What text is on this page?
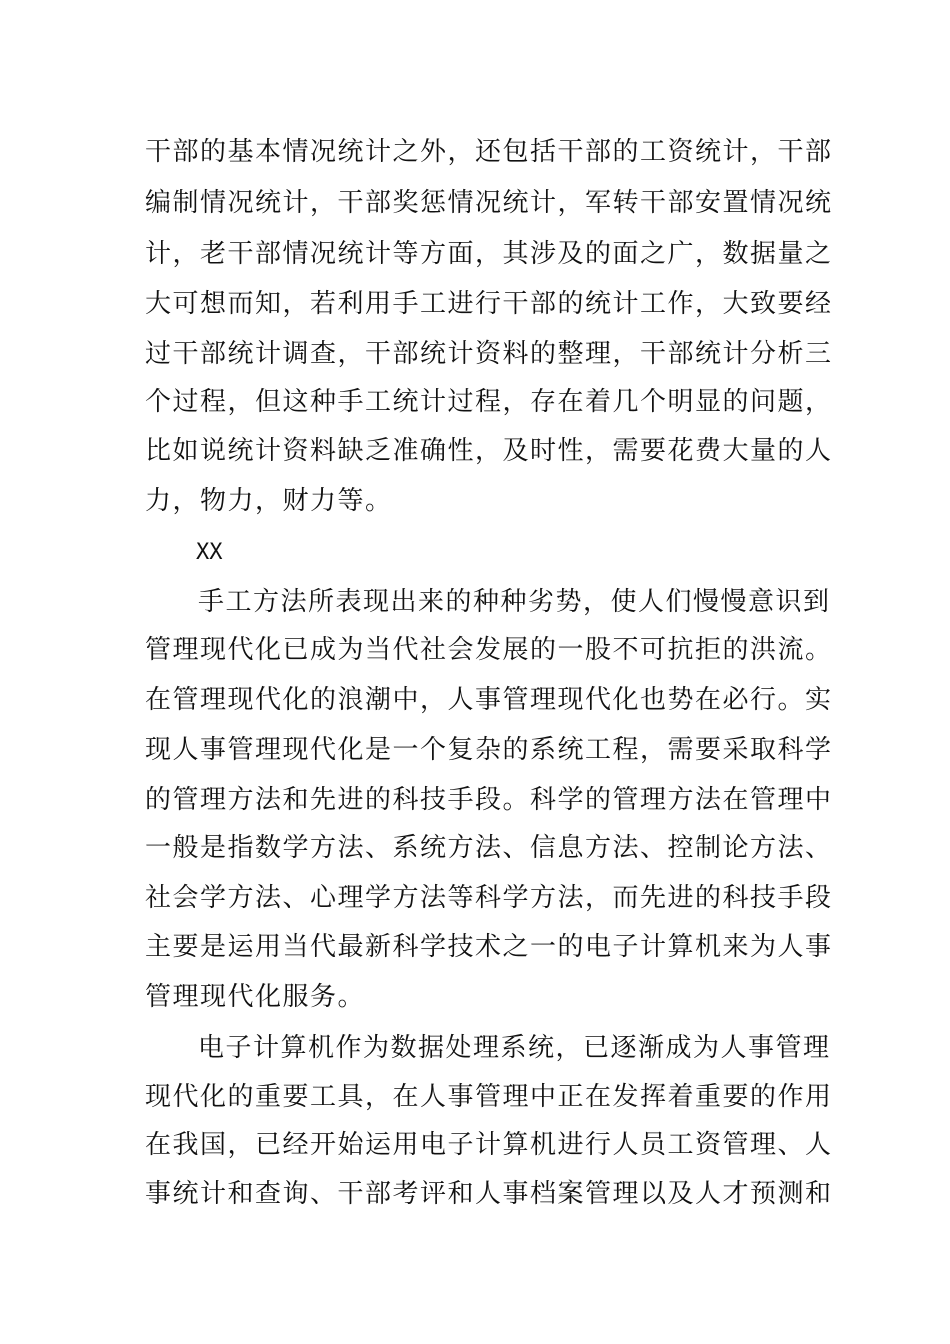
干部的基本情况统计之外，还包括干部的工资统计，干部
编制情况统计，干部奖惩情况统计，军转干部安置情况统
计，老干部情况统计等方面，其涉及的面之广，数据量之
大可想而知，若利用手工进行干部的统计工作，大致要经
过干部统计调查，干部统计资料的整理，干部统计分析三
个过程，但这种手工统计过程，存在着几个明显的问题，
比如说统计资料缺乏准确性，及时性，需要花费大量的人
力，物力，财力等。
XX
手工方法所表现出来的种种劣势，使人们慢慢意识到
管理现代化已成为当代社会发展的一股不可抗拒的洪流。
在管理现代化的浪潮中，人事管理现代化也势在必行。实
现人事管理现代化是一个复杂的系统工程，需要采取科学
的管理方法和先进的科技手段。科学的管理方法在管理中
一般是指数学方法、系统方法、信息方法、控制论方法、
社会学方法、心理学方法等科学方法，而先进的科技手段
主要是运用当代最新科学技术之一的电子计算机来为人事
管理现代化服务。
电子计算机作为数据处理系统，已逐渐成为人事管理
现代化的重要工具，在人事管理中正在发挥着重要的作用
在我国，已经开始运用电子计算机进行人员工资管理、人
事统计和查询、干部考评和人事档案管理以及人才预测和
